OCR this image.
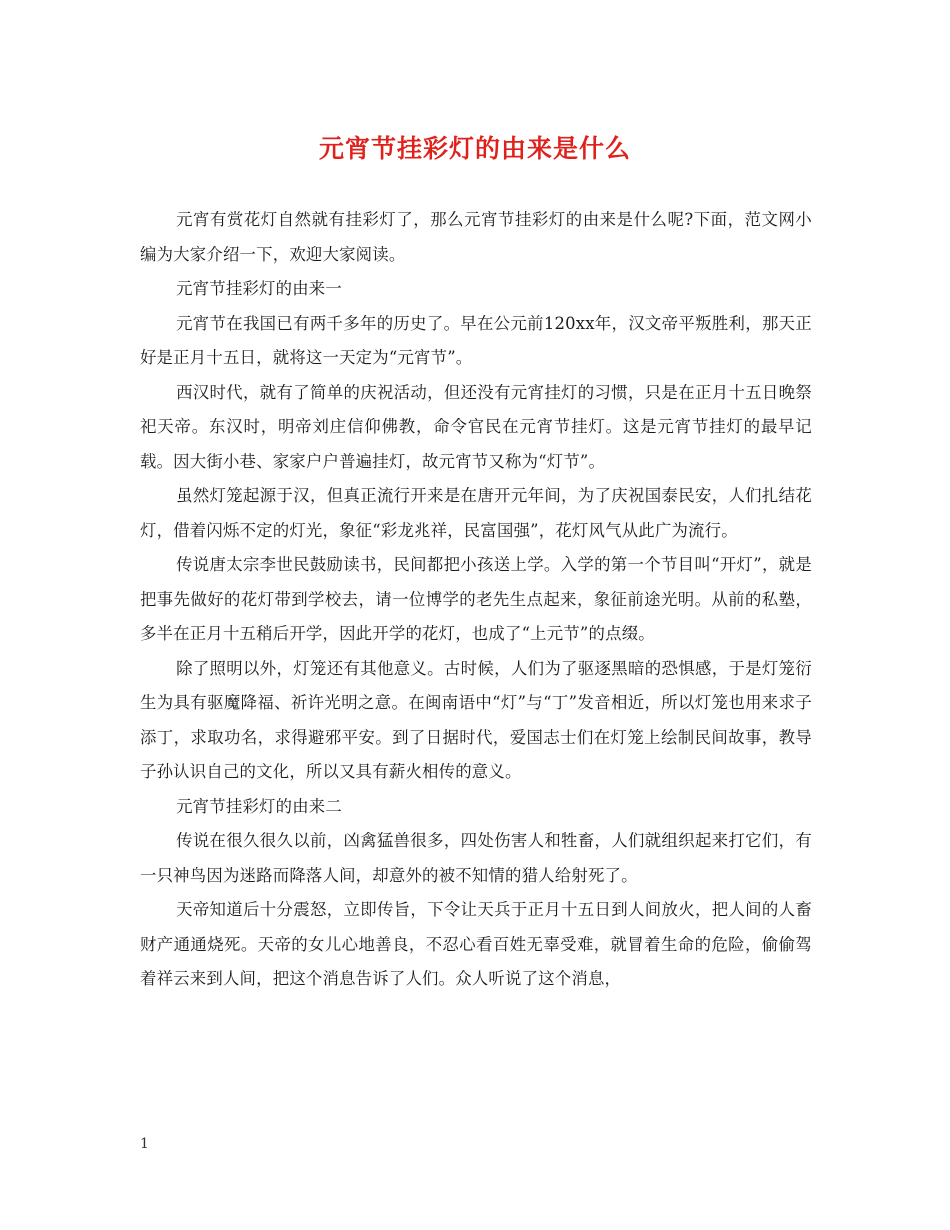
元宵节挂彩灯的由来是什么

元宵有赏花灯自然就有挂彩灯了，那么元宵节挂彩灯的由来是什么呢?下面，范文网小编为大家介绍一下，欢迎大家阅读。

元宵节挂彩灯的由来一

元宵节在我国已有两千多年的历史了。早在公元前120xx年，汉文帝平叛胜利，那天正好是正月十五日，就将这一天定为“元宵节”。

西汉时代，就有了简单的庆祝活动，但还没有元宵挂灯的习惯，只是在正月十五日晚祭祀天帝。东汉时，明帝刘庄信仰佛教，命令官民在元宵节挂灯。这是元宵节挂灯的最早记载。因大街小巷、家家户户普遍挂灯，故元宵节又称为“灯节”。

虽然灯笼起源于汉，但真正流行开来是在唐开元年间，为了庆祝国泰民安，人们扎结花灯，借着闪烁不定的灯光，象征“彩龙兆祥，民富国强”，花灯风气从此广为流行。

传说唐太宗李世民鼓励读书，民间都把小孩送上学。入学的第一个节目叫“开灯”，就是把事先做好的花灯带到学校去，请一位博学的老先生点起来，象征前途光明。从前的私塾，多半在正月十五稍后开学，因此开学的花灯，也成了“上元节”的点缀。

除了照明以外，灯笼还有其他意义。古时候，人们为了驱逐黑暗的恐惧感，于是灯笼衍生为具有驱魔降福、祈许光明之意。在闽南语中“灯”与“丁”发音相近，所以灯笼也用来求子添丁，求取功名，求得避邪平安。到了日据时代，爱国志士们在灯笼上绘制民间故事，教导子孙认识自己的文化，所以又具有薪火相传的意义。

元宵节挂彩灯的由来二

传说在很久很久以前，凶禽猛兽很多，四处伤害人和牲畜，人们就组织起来打它们，有一只神鸟因为迷路而降落人间，却意外的被不知情的猎人给射死了。

天帝知道后十分震怒，立即传旨，下令让天兵于正月十五日到人间放火，把人间的人畜财产通通烧死。天帝的女儿心地善良，不忍心看百姓无辜受难，就冒着生命的危险，偷偷驾着祥云来到人间，把这个消息告诉了人们。众人听说了这个消息，

1
